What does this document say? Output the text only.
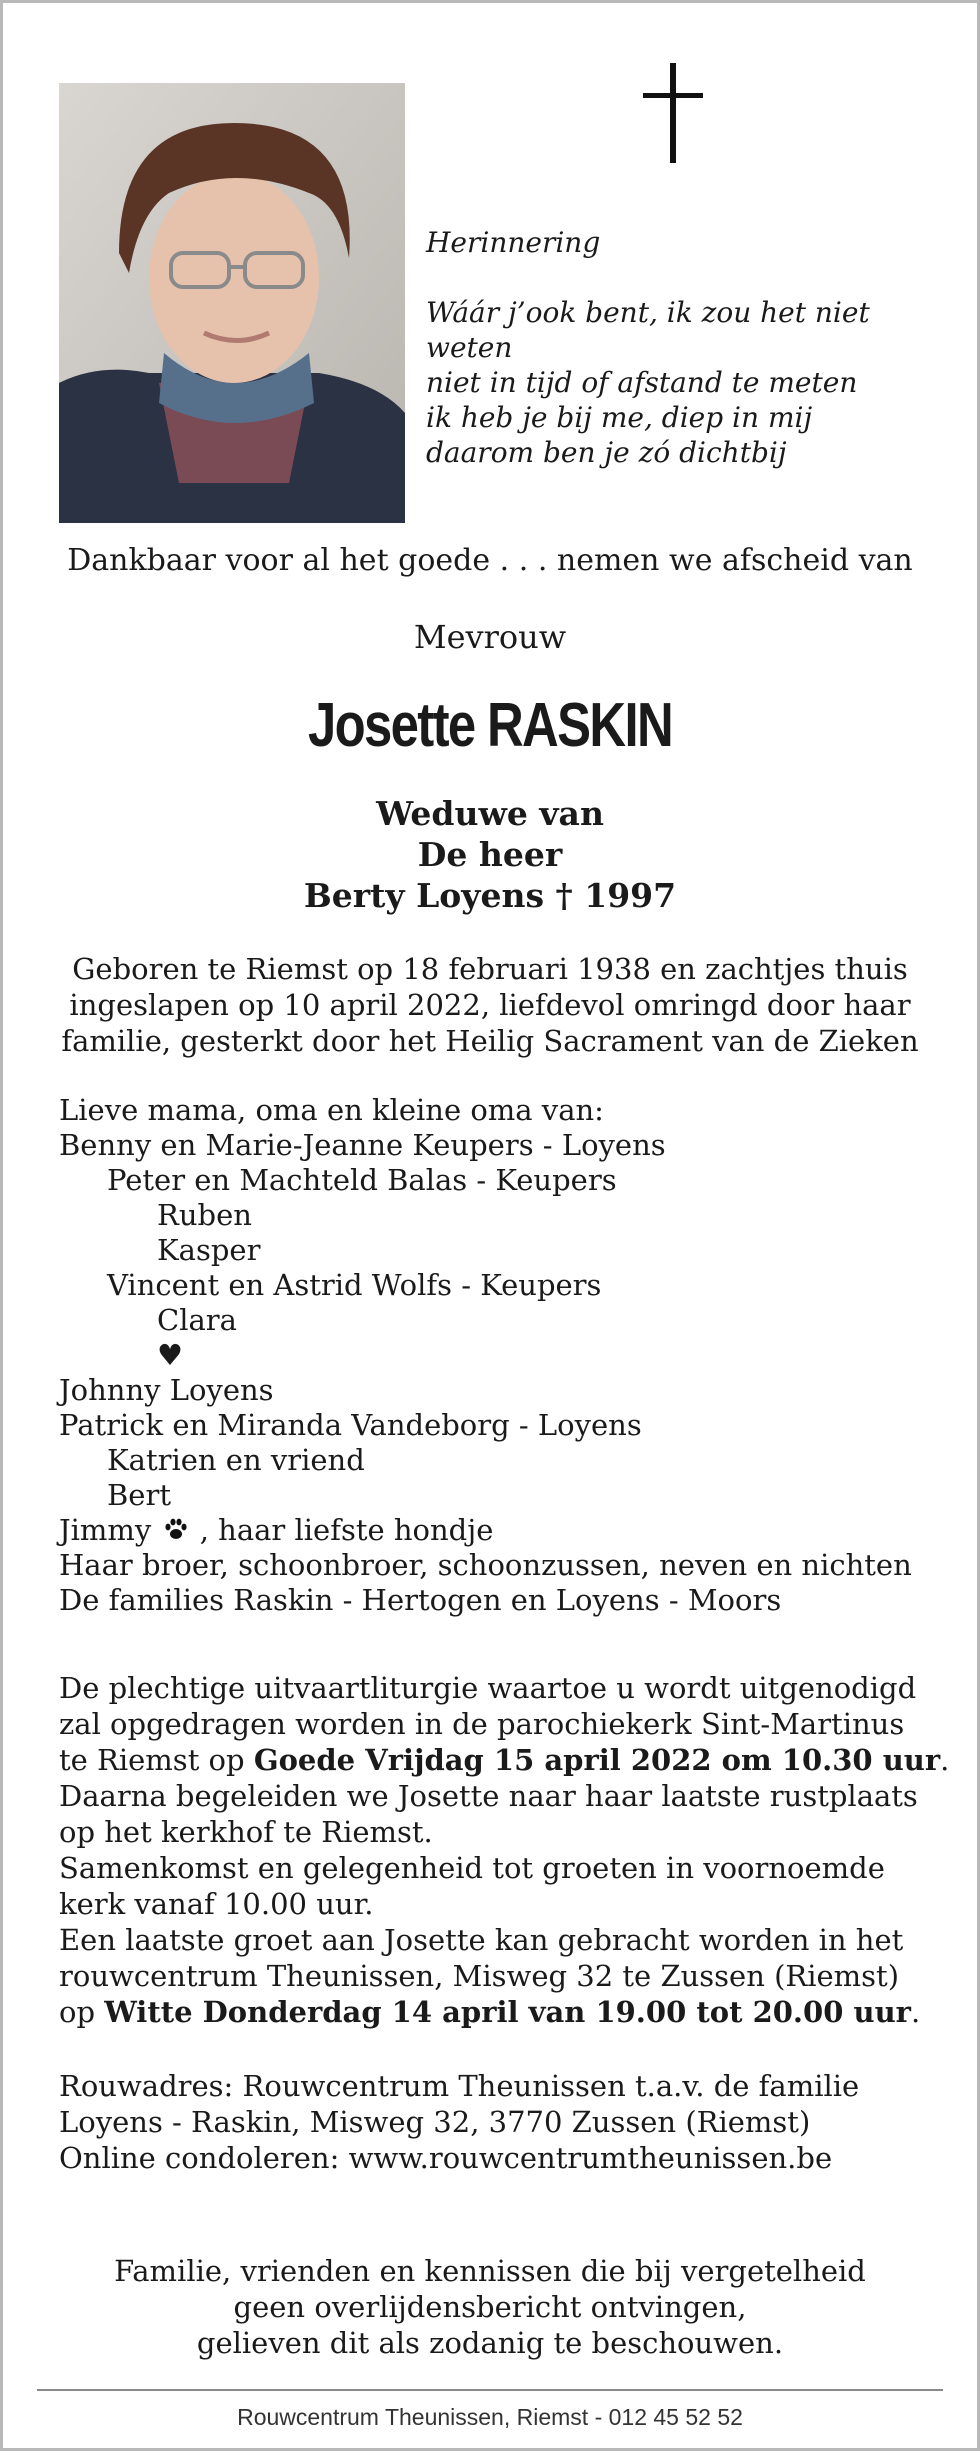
Herinnering
Wáár j’ook bent, ik zou het niet weten
niet in tijd of afstand te meten
ik heb je bij me, diep in mij
daarom ben je zó dichtbij
Dankbaar voor al het goede . . . nemen we afscheid van
Mevrouw
Josette RASKIN
Weduwe van
De heer
Berty Loyens † 1997
Geboren te Riemst op 18 februari 1938 en zachtjes thuis
ingeslapen op 10 april 2022, liefdevol omringd door haar
familie, gesterkt door het Heilig Sacrament van de Zieken
Lieve mama, oma en kleine oma van:
Benny en Marie-Jeanne Keupers - Loyens
Peter en Machteld Balas - Keupers
Ruben
Kasper
Vincent en Astrid Wolfs - Keupers
Clara
♥
Johnny Loyens
Patrick en Miranda Vandeborg - Loyens
Katrien en vriend
Bert
Jimmy , haar liefste hondje
Haar broer, schoonbroer, schoonzussen, neven en nichten
De families Raskin - Hertogen en Loyens - Moors
De plechtige uitvaartliturgie waartoe u wordt uitgenodigd
zal opgedragen worden in de parochiekerk Sint-Martinus
te Riemst op Goede Vrijdag 15 april 2022 om 10.30 uur.
Daarna begeleiden we Josette naar haar laatste rustplaats
op het kerkhof te Riemst.
Samenkomst en gelegenheid tot groeten in voornoemde
kerk vanaf 10.00 uur.
Een laatste groet aan Josette kan gebracht worden in het
rouwcentrum Theunissen, Misweg 32 te Zussen (Riemst)
op Witte Donderdag 14 april van 19.00 tot 20.00 uur.
Rouwadres: Rouwcentrum Theunissen t.a.v. de familie
Loyens - Raskin, Misweg 32, 3770 Zussen (Riemst)
Online condoleren: www.rouwcentrumtheunissen.be
Familie, vrienden en kennissen die bij vergetelheid
geen overlijdensbericht ontvingen,
gelieven dit als zodanig te beschouwen.
Rouwcentrum Theunissen, Riemst - 012 45 52 52
